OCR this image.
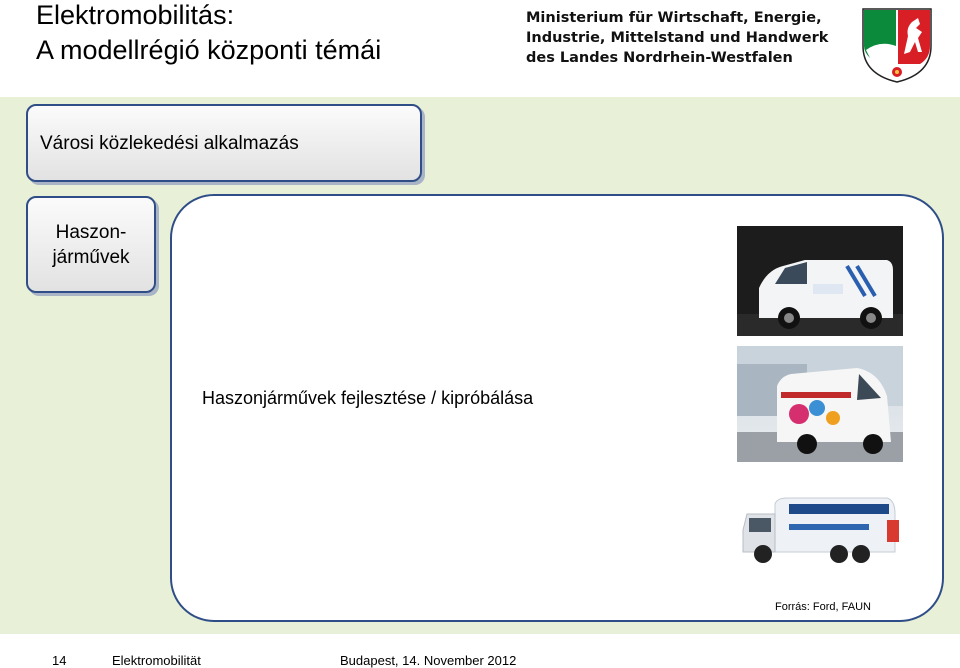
Elektromobilitás:
A modellrégió központi témái
Ministerium für Wirtschaft, Energie,
Industrie, Mittelstand und Handwerk
des Landes Nordrhein-Westfalen
Városi közlekedési alkalmazás
Haszon-
járművek
Haszonjárművek fejlesztése / kipróbálása
Forrás: Ford, FAUN
14	Elektromobilität	Budapest, 14. November 2012
